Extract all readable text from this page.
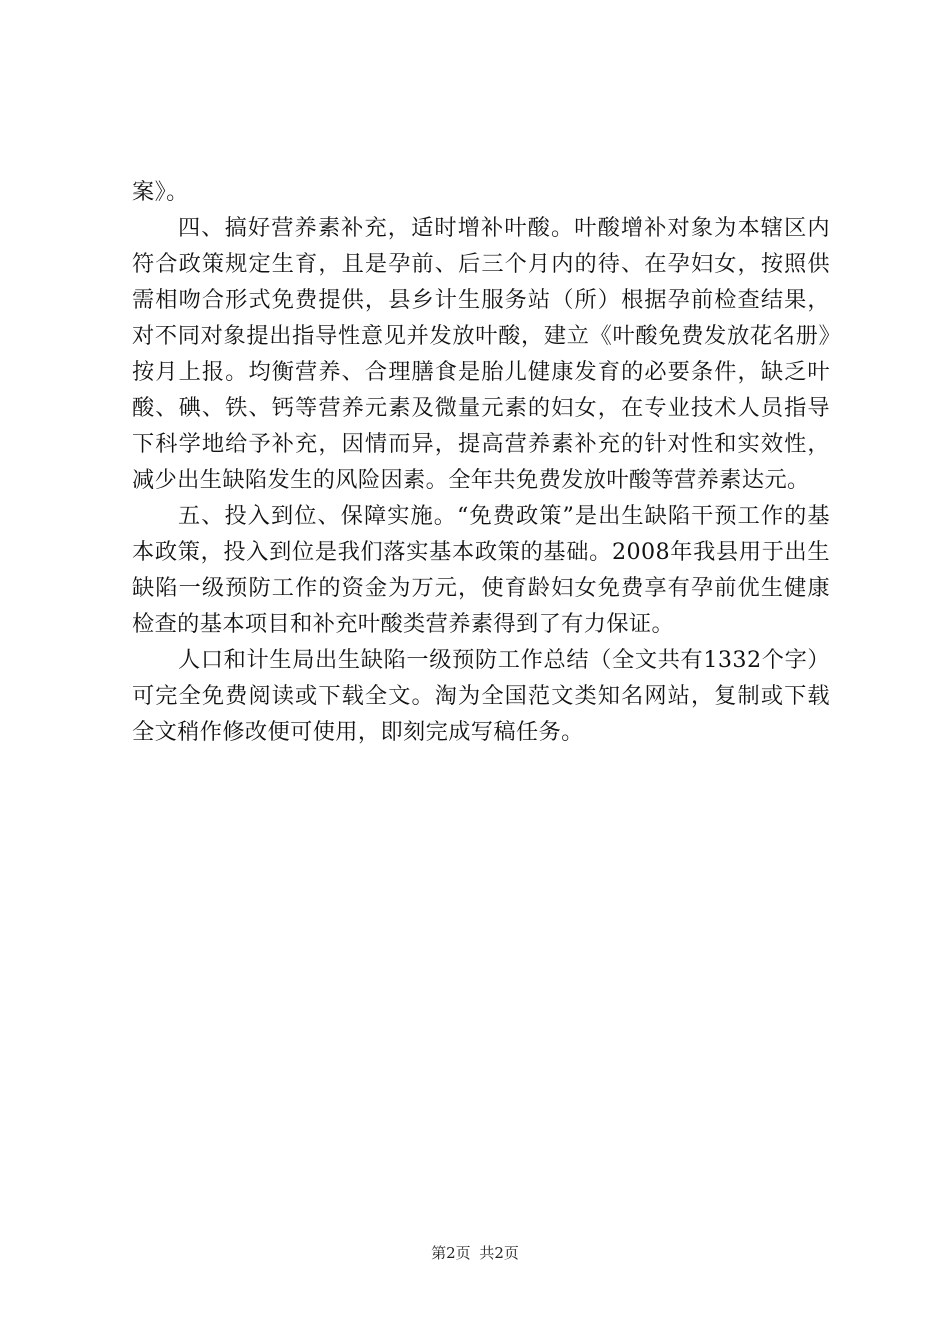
案》。

四、搞好营养素补充，适时增补叶酸。叶酸增补对象为本辖区内符合政策规定生育，且是孕前、后三个月内的待、在孕妇女，按照供需相吻合形式免费提供，县乡计生服务站（所）根据孕前检查结果，对不同对象提出指导性意见并发放叶酸，建立《叶酸免费发放花名册》按月上报。均衡营养、合理膳食是胎儿健康发育的必要条件，缺乏叶酸、碘、铁、钙等营养元素及微量元素的妇女，在专业技术人员指导下科学地给予补充，因情而异，提高营养素补充的针对性和实效性，减少出生缺陷发生的风险因素。全年共免费发放叶酸等营养素达元。

五、投入到位、保障实施。“免费政策”是出生缺陷干预工作的基本政策，投入到位是我们落实基本政策的基础。2008年我县用于出生缺陷一级预防工作的资金为万元，使育龄妇女免费享有孕前优生健康检查的基本项目和补充叶酸类营养素得到了有力保证。

人口和计生局出生缺陷一级预防工作总结（全文共有1332个字）可完全免费阅读或下载全文。淘为全国范文类知名网站，复制或下载全文稍作修改便可使用，即刻完成写稿任务。

第2页 共2页
